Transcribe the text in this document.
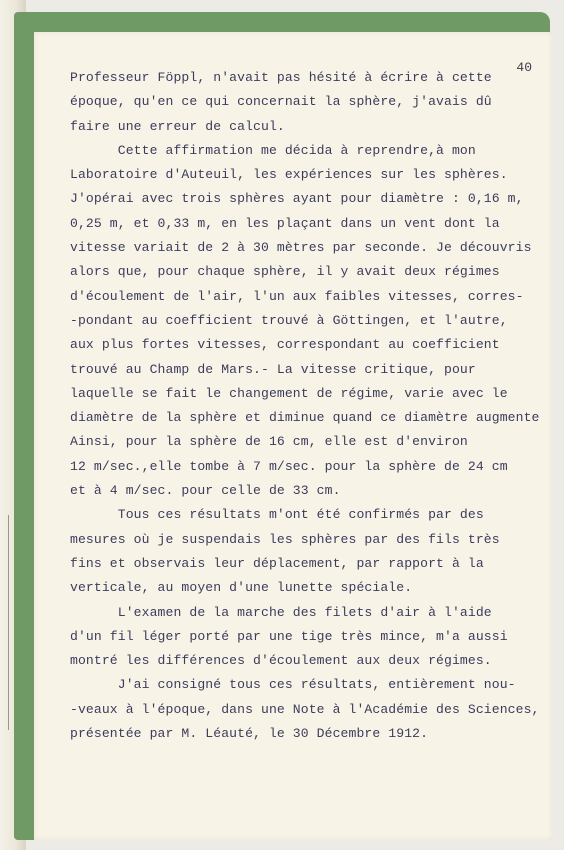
40
Professeur Föppl, n'avait pas hésité à écrire à cette
époque, qu'en ce qui concernait la sphère, j'avais dû
faire une erreur de calcul.
Cette affirmation me décida à reprendre,à mon
Laboratoire d'Auteuil, les expériences sur les sphères.
J'opérai avec trois sphères ayant pour diamètre : 0,16 m,
0,25 m, et 0,33 m, en les plaçant dans un vent dont la
vitesse variait de 2 à 30 mètres par seconde. Je découvris
alors que, pour chaque sphère, il y avait deux régimes
d'écoulement de l'air, l'un aux faibles vitesses, corres-
-pondant au coefficient trouvé à Göttingen, et l'autre,
aux plus fortes vitesses, correspondant au coefficient
trouvé au Champ de Mars.- La vitesse critique, pour
laquelle se fait le changement de régime, varie avec le
diamètre de la sphère et diminue quand ce diamètre augmente
Ainsi, pour la sphère de 16 cm, elle est d'environ
12 m/sec.,elle tombe à 7 m/sec. pour la sphère de 24 cm
et à 4 m/sec. pour celle de 33 cm.
Tous ces résultats m'ont été confirmés par des
mesures où je suspendais les sphères par des fils très
fins et observais leur déplacement, par rapport à la
verticale, au moyen d'une lunette spéciale.
L'examen de la marche des filets d'air à l'aide
d'un fil léger porté par une tige très mince, m'a aussi
montré les différences d'écoulement aux deux régimes.
J'ai consigné tous ces résultats, entièrement nou-
-veaux à l'époque, dans une Note à l'Académie des Sciences,
présentée par M. Léauté, le 30 Décembre 1912.
